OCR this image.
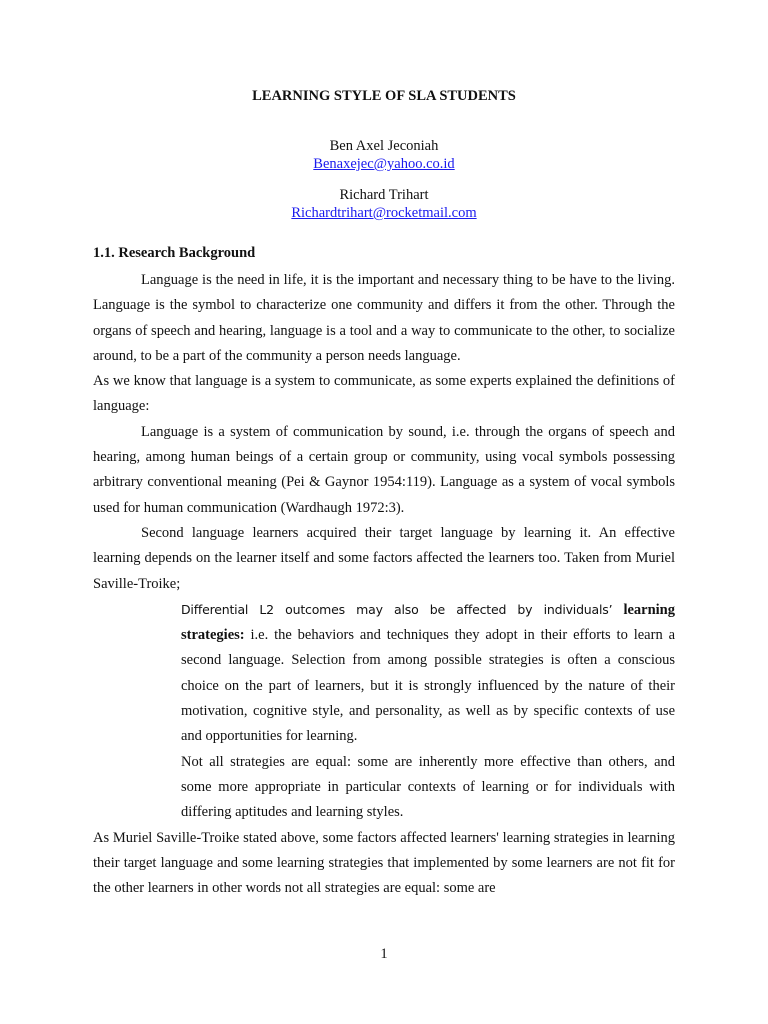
LEARNING STYLE OF SLA STUDENTS
Ben Axel Jeconiah
Benaxejec@yahoo.co.id
Richard Trihart
Richardtrihart@rocketmail.com
1.1. Research Background

Language is the need in life, it is the important and necessary thing to be have to the living. Language is the symbol to characterize one community and differs it from the other. Through the organs of speech and hearing, language is a tool and a way to communicate to the other, to socialize around, to be a part of the community a person needs language.

As we know that language is a system to communicate, as some experts explained the definitions of language:

Language is a system of communication by sound, i.e. through the organs of speech and hearing, among human beings of a certain group or community, using vocal symbols possessing arbitrary conventional meaning (Pei & Gaynor 1954:119). Language as a system of vocal symbols used for human communication (Wardhaugh 1972:3).

Second language learners acquired their target language by learning it. An effective learning depends on the learner itself and some factors affected the learners too. Taken from Muriel Saville-Troike;

Differential L2 outcomes may also be affected by individuals’ learning strategies: i.e. the behaviors and techniques they adopt in their efforts to learn a second language. Selection from among possible strategies is often a conscious choice on the part of learners, but it is strongly influenced by the nature of their motivation, cognitive style, and personality, as well as by specific contexts of use and opportunities for learning.

Not all strategies are equal: some are inherently more effective than others, and some more appropriate in particular contexts of learning or for individuals with differing aptitudes and learning styles.

As Muriel Saville-Troike stated above, some factors affected learners' learning strategies in learning their target language and some learning strategies that implemented by some learners are not fit for the other learners in other words not all strategies are equal: some are

1
